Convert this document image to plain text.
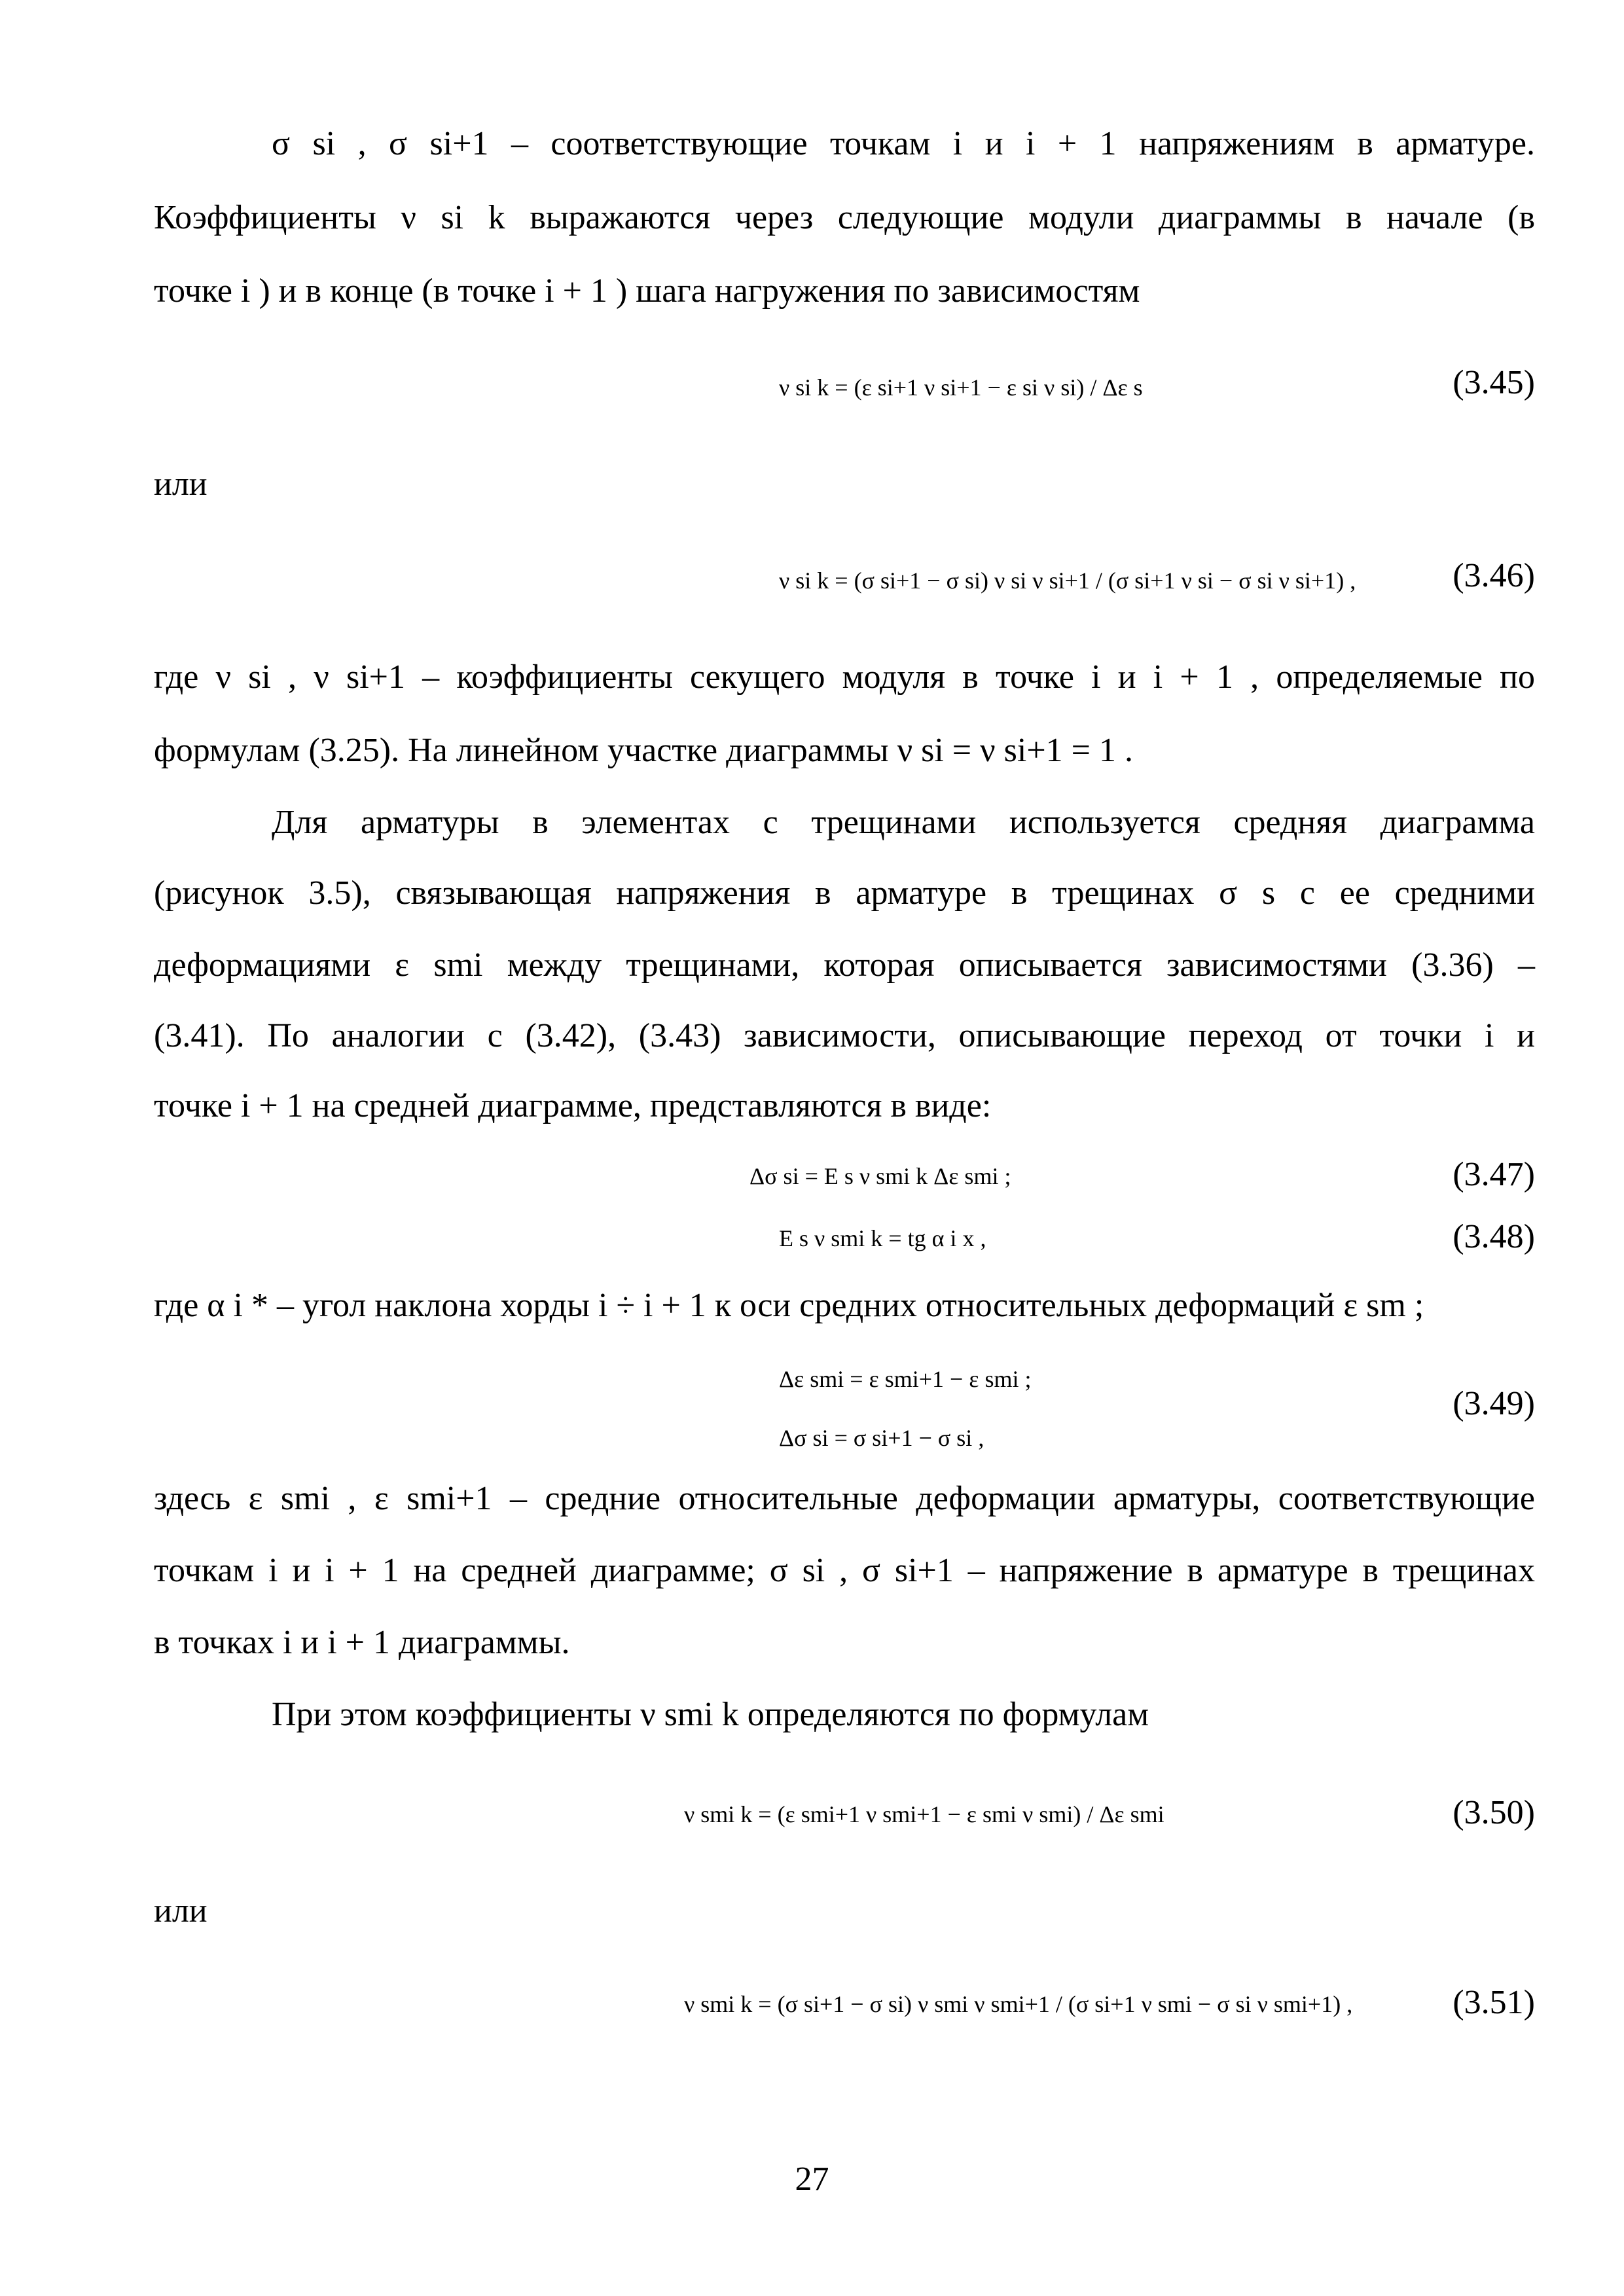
σ si , σ si+1 – соответствующие точкам i и i + 1 напряжениям в арматуре.
Коэффициенты ν si k выражаются через следующие модули диаграммы в начале (в
точке i ) и в конце (в точке i + 1 ) шага нагружения по зависимостям
ν si k = (ε si+1 ν si+1 − ε si ν si) / Δε s	(3.45)
или
ν si k = (σ si+1 − σ si) ν si ν si+1 / (σ si+1 ν si − σ si ν si+1) ,	(3.46)
где ν si , ν si+1 – коэффициенты секущего модуля в точке i и i + 1 , определяемые по
формулам (3.25). На линейном участке диаграммы ν si = ν si+1 = 1 .
Для арматуры в элементах с трещинами используется средняя диаграмма
(рисунок 3.5), связывающая напряжения в арматуре в трещинах σ s с ее средними
деформациями ε smi между трещинами, которая описывается зависимостями (3.36) –
(3.41). По аналогии с (3.42), (3.43) зависимости, описывающие переход от точки i и
точке i + 1 на средней диаграмме, представляются в виде:
Δσ si = E s ν smi k Δε smi ;	(3.47)
E s ν smi k = tg α i x ,	(3.48)
где α i * – угол наклона хорды i ÷ i + 1 к оси средних относительных деформаций ε sm ;
Δε smi = ε smi+1 − ε smi ;
Δσ si = σ si+1 − σ si ,
(3.49)
здесь ε smi , ε smi+1 – средние относительные деформации арматуры, соответствующие
точкам i и i + 1 на средней диаграмме; σ si , σ si+1 – напряжение в арматуре в трещинах
в точках i и i + 1 диаграммы.
При этом коэффициенты ν smi k определяются по формулам
ν smi k = (ε smi+1 ν smi+1 − ε smi ν smi) / Δε smi	(3.50)
или
ν smi k = (σ si+1 − σ si) ν smi ν smi+1 / (σ si+1 ν smi − σ si ν smi+1) ,	(3.51)
27
